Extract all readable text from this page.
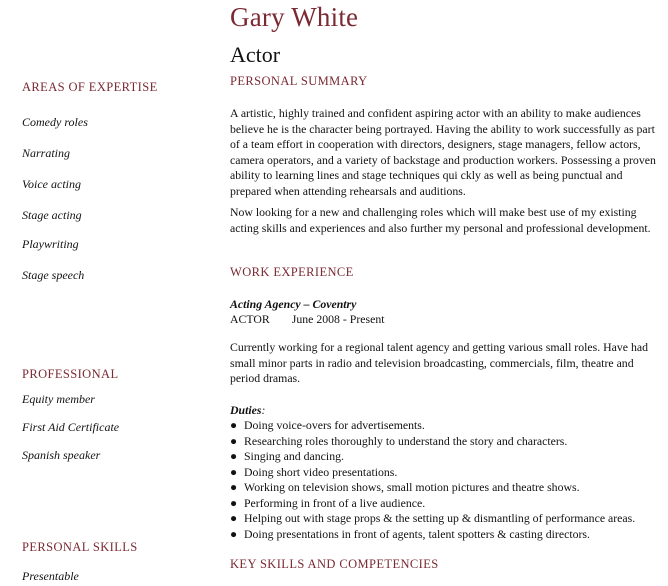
Gary White
Actor
AREAS OF EXPERTISE
Comedy roles
Narrating
Voice acting
Stage acting
Playwriting
Stage speech
PROFESSIONAL
Equity member
First Aid Certificate
Spanish speaker
PERSONAL SKILLS
Presentable
PERSONAL SUMMARY

A artistic, highly trained and confident aspiring actor with an ability to make audiences believe he is the character being portrayed. Having the ability to work successfully as part of a team effort in cooperation with directors, designers, stage managers, fellow actors, camera operators, and a variety of backstage and production workers. Possessing a proven ability to learning lines and stage techniques qui ckly as well as being punctual and prepared when attending rehearsals and auditions.

Now looking for a new and challenging roles which will make best use of my existing acting skills and experiences and also further my personal and professional development.

WORK EXPERIENCE
Acting Agency – Coventry
ACTOR June 2008 - Present

Currently working for a regional talent agency and getting various small roles. Have had small minor parts in radio and television broadcasting, commercials, film, theatre and period dramas.

Duties:
● Doing voice-overs for advertisements.
● Researching roles thoroughly to understand the story and characters.
● Singing and dancing.
● Doing short video presentations.
● Working on television shows, small motion pictures and theatre shows.
● Performing in front of a live audience.
● Helping out with stage props & the setting up & dismantling of performance areas.
● Doing presentations in front of agents, talent spotters & casting directors.
KEY SKILLS AND COMPETENCIES
